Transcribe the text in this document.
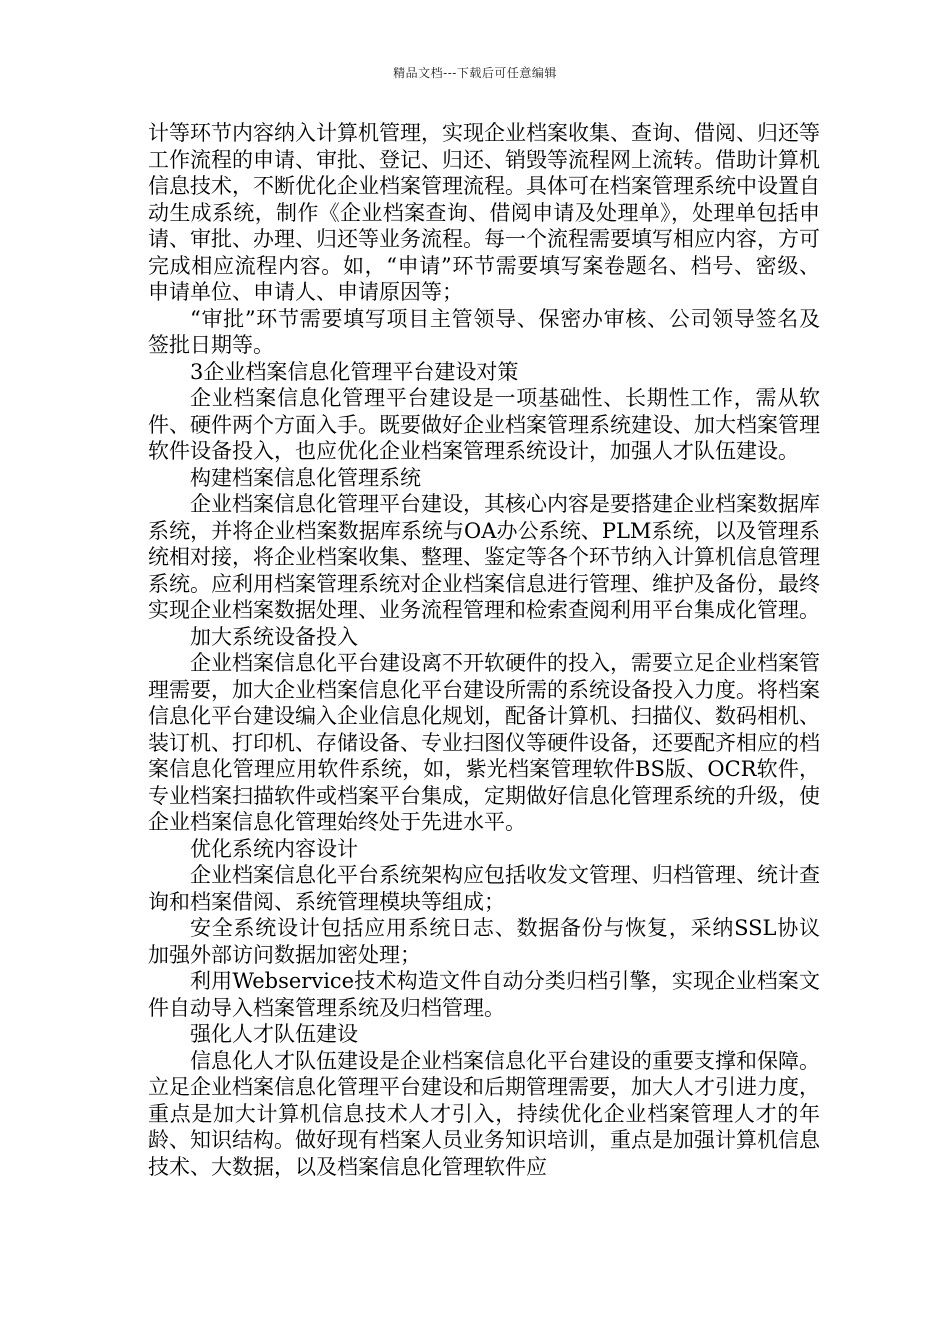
精品文档---下载后可任意编辑

计等环节内容纳入计算机管理，实现企业档案收集、查询、借阅、归还等工作流程的申请、审批、登记、归还、销毁等流程网上流转。借助计算机信息技术，不断优化企业档案管理流程。具体可在档案管理系统中设置自动生成系统，制作《企业档案查询、借阅申请及处理单》，处理单包括申请、审批、办理、归还等业务流程。每一个流程需要填写相应内容，方可完成相应流程内容。如，“申请”环节需要填写案卷题名、档号、密级、申请单位、申请人、申请原因等；

“审批”环节需要填写项目主管领导、保密办审核、公司领导签名及签批日期等。

3企业档案信息化管理平台建设对策

企业档案信息化管理平台建设是一项基础性、长期性工作，需从软件、硬件两个方面入手。既要做好企业档案管理系统建设、加大档案管理软件设备投入，也应优化企业档案管理系统设计，加强人才队伍建设。

构建档案信息化管理系统

企业档案信息化管理平台建设，其核心内容是要搭建企业档案数据库系统，并将企业档案数据库系统与OA办公系统、PLM系统，以及管理系统相对接，将企业档案收集、整理、鉴定等各个环节纳入计算机信息管理系统。应利用档案管理系统对企业档案信息进行管理、维护及备份，最终实现企业档案数据处理、业务流程管理和检索查阅利用平台集成化管理。

加大系统设备投入

企业档案信息化平台建设离不开软硬件的投入，需要立足企业档案管理需要，加大企业档案信息化平台建设所需的系统设备投入力度。将档案信息化平台建设编入企业信息化规划，配备计算机、扫描仪、数码相机、装订机、打印机、存储设备、专业扫图仪等硬件设备，还要配齐相应的档案信息化管理应用软件系统，如，紫光档案管理软件BS版、OCR软件，专业档案扫描软件或档案平台集成，定期做好信息化管理系统的升级，使企业档案信息化管理始终处于先进水平。

优化系统内容设计

企业档案信息化平台系统架构应包括收发文管理、归档管理、统计查询和档案借阅、系统管理模块等组成；

安全系统设计包括应用系统日志、数据备份与恢复，采纳SSL协议加强外部访问数据加密处理；

利用Webservice技术构造文件自动分类归档引擎，实现企业档案文件自动导入档案管理系统及归档管理。

强化人才队伍建设

信息化人才队伍建设是企业档案信息化平台建设的重要支撑和保障。立足企业档案信息化管理平台建设和后期管理需要，加大人才引进力度，重点是加大计算机信息技术人才引入，持续优化企业档案管理人才的年龄、知识结构。做好现有档案人员业务知识培训，重点是加强计算机信息技术、大数据，以及档案信息化管理软件应
